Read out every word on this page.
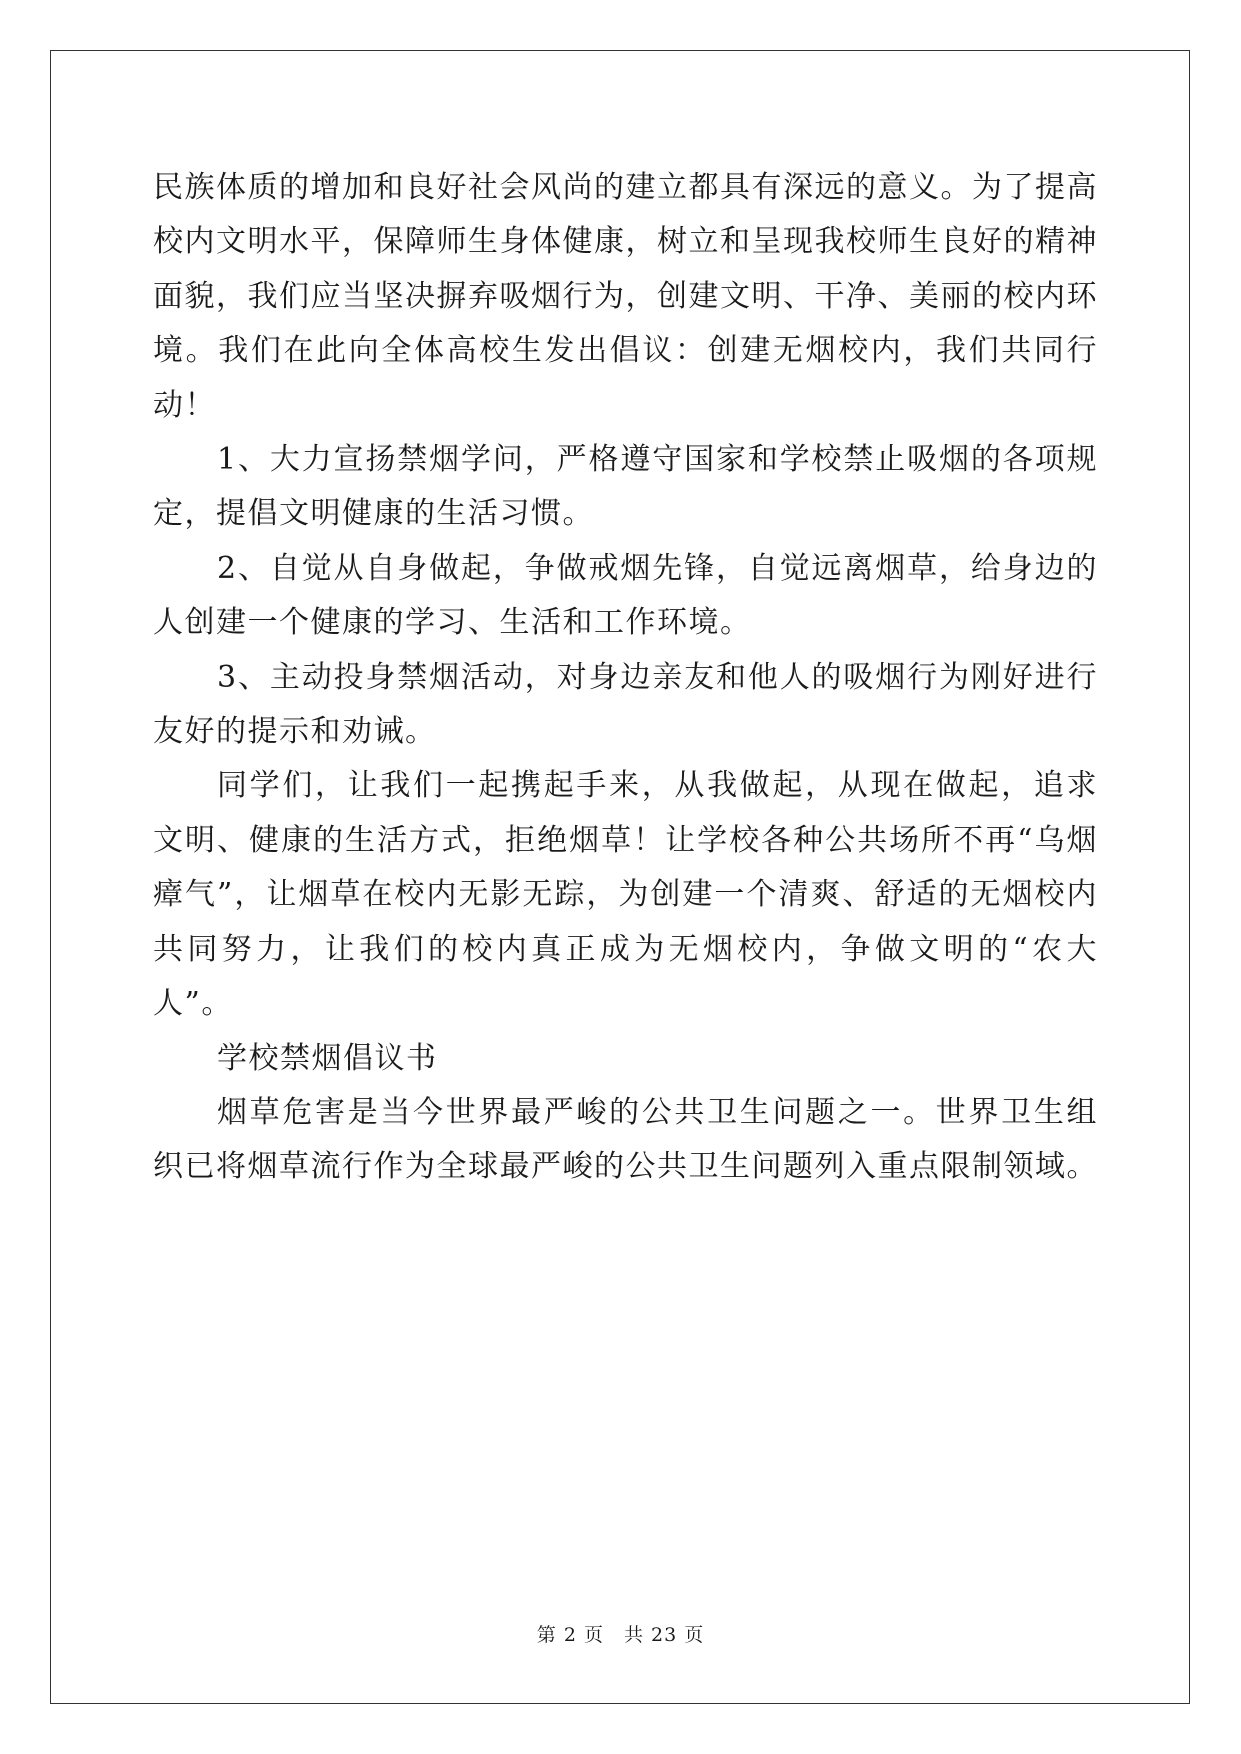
民族体质的增加和良好社会风尚的建立都具有深远的意义。为了提高校内文明水平，保障师生身体健康，树立和呈现我校师生良好的精神面貌，我们应当坚决摒弃吸烟行为，创建文明、干净、美丽的校内环境。我们在此向全体高校生发出倡议：创建无烟校内，我们共同行动！

1、大力宣扬禁烟学问，严格遵守国家和学校禁止吸烟的各项规定，提倡文明健康的生活习惯。

2、自觉从自身做起，争做戒烟先锋，自觉远离烟草，给身边的人创建一个健康的学习、生活和工作环境。

3、主动投身禁烟活动，对身边亲友和他人的吸烟行为刚好进行友好的提示和劝诫。

同学们，让我们一起携起手来，从我做起，从现在做起，追求文明、健康的生活方式，拒绝烟草！让学校各种公共场所不再“乌烟瘴气”，让烟草在校内无影无踪，为创建一个清爽、舒适的无烟校内共同努力，让我们的校内真正成为无烟校内，争做文明的“农大人”。

学校禁烟倡议书

烟草危害是当今世界最严峻的公共卫生问题之一。世界卫生组织已将烟草流行作为全球最严峻的公共卫生问题列入重点限制领域。

第 2 页　共 23 页
